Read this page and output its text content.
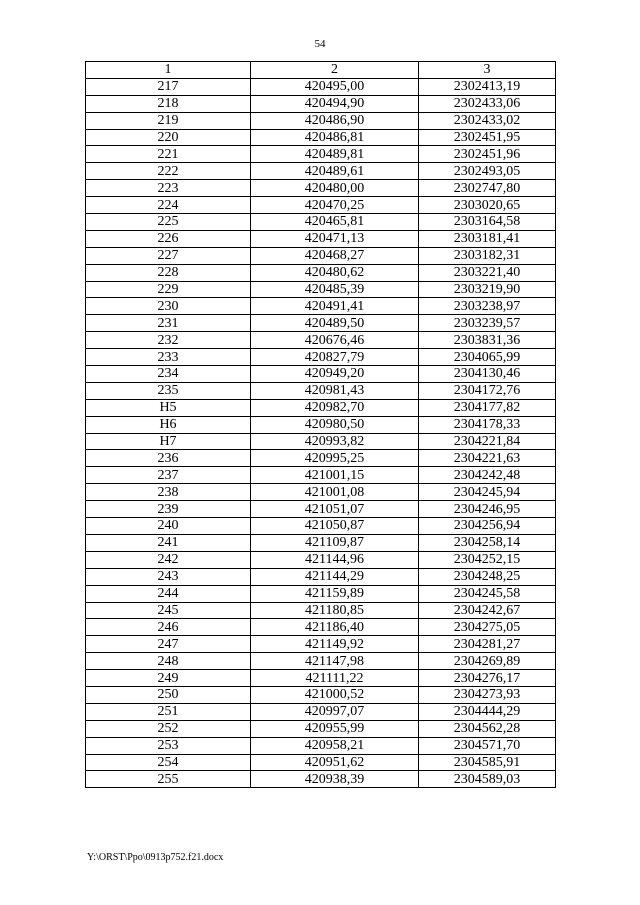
54
1	2	3
217	420495,00	2302413,19
218	420494,90	2302433,06
219	420486,90	2302433,02
220	420486,81	2302451,95
221	420489,81	2302451,96
222	420489,61	2302493,05
223	420480,00	2302747,80
224	420470,25	2303020,65
225	420465,81	2303164,58
226	420471,13	2303181,41
227	420468,27	2303182,31
228	420480,62	2303221,40
229	420485,39	2303219,90
230	420491,41	2303238,97
231	420489,50	2303239,57
232	420676,46	2303831,36
233	420827,79	2304065,99
234	420949,20	2304130,46
235	420981,43	2304172,76
Н5	420982,70	2304177,82
Н6	420980,50	2304178,33
Н7	420993,82	2304221,84
236	420995,25	2304221,63
237	421001,15	2304242,48
238	421001,08	2304245,94
239	421051,07	2304246,95
240	421050,87	2304256,94
241	421109,87	2304258,14
242	421144,96	2304252,15
243	421144,29	2304248,25
244	421159,89	2304245,58
245	421180,85	2304242,67
246	421186,40	2304275,05
247	421149,92	2304281,27
248	421147,98	2304269,89
249	421111,22	2304276,17
250	421000,52	2304273,93
251	420997,07	2304444,29
252	420955,99	2304562,28
253	420958,21	2304571,70
254	420951,62	2304585,91
255	420938,39	2304589,03
Y:\ORST\Ppo\0913p752.f21.docx
